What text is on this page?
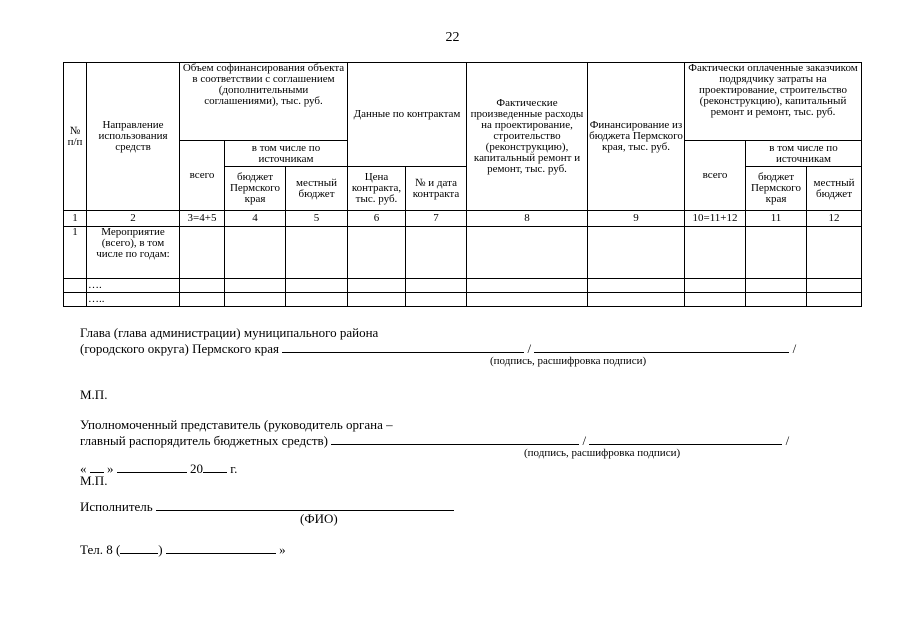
22
№ п/п	Направление использования средств	Объем софинансирования объекта в соответствии с соглашением (дополнительными соглашениями), тыс. руб.			Данные по контрактам		Фактические произведенные расходы на проектирование, строительство (реконструкцию), капитальный ремонт и ремонт, тыс. руб.	Финансирование из бюджета Пермского края, тыс. руб.	Фактически оплаченные заказчиком подрядчику затраты на проектирование, строительство (реконструкцию), капитальный ремонт и ремонт, тыс. руб.		
		всего	в том числе по источникам						всего	в том числе по источникам	
			бюджет Пермского края	местный бюджет	Цена контракта, тыс. руб.	№ и дата контракта				бюджет Пермского края	местный бюджет
1	2	3=4+5	4	5	6	7	8	9	10=11+12	11	12
1	Мероприятие (всего), в том числе по годам:										
	….										
	…..										
Глава (глава администрации) муниципального района
(городского округа) Пермского края	/	/
(подпись, расшифровка подписи)
М.П.
Уполномоченный представитель (руководитель органа –
главный распорядитель бюджетных средств)	/	/
(подпись, расшифровка подписи)
« »	20 г.
М.П.
Исполнитель
(ФИО)
Тел. 8 (	)	»
